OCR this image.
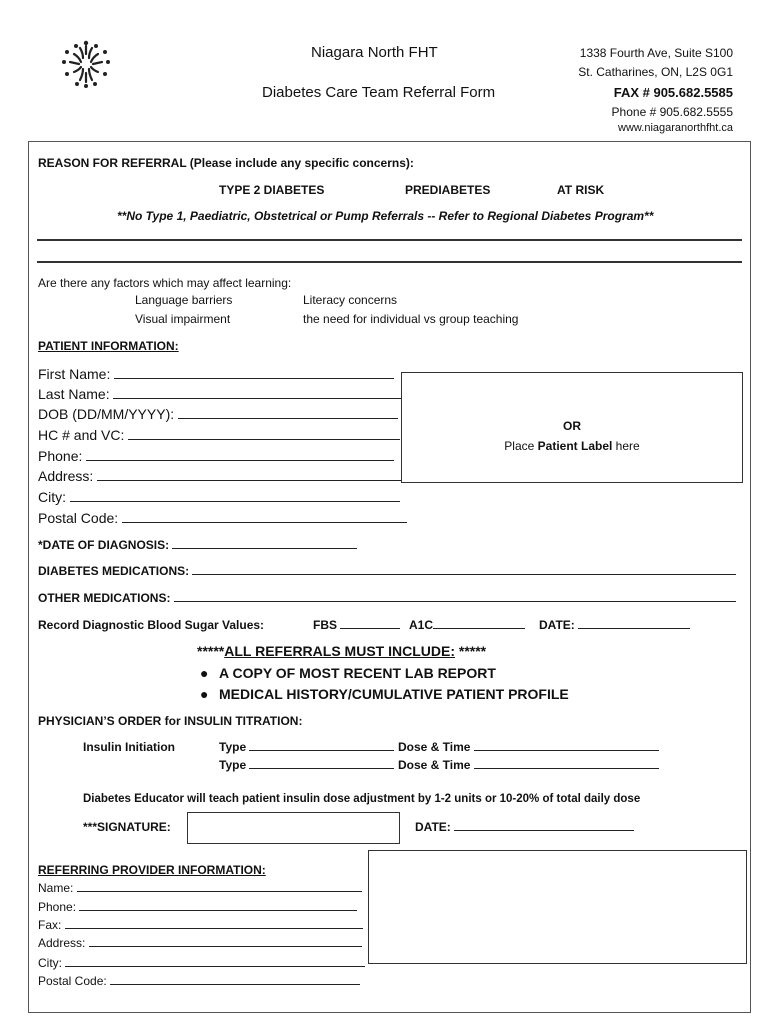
Niagara North FHT
Diabetes Care Team Referral Form
1338 Fourth Ave, Suite S100
St. Catharines, ON, L2S 0G1
FAX # 905.682.5585
Phone # 905.682.5555
www.niagaranorthfht.ca
REASON FOR REFERRAL (Please include any specific concerns):
TYPE 2 DIABETES	PREDIABETES	AT RISK
**No Type 1, Paediatric, Obstetrical or Pump Referrals -- Refer to Regional Diabetes Program**
Are there any factors which may affect learning:
Language barriers	Literacy concerns
Visual impairment	the need for individual vs group teaching
PATIENT INFORMATION:
First Name:
Last Name:
DOB (DD/MM/YYYY):
HC # and VC:
Phone:
Address:
City:
Postal Code:
OR
Place Patient Label here
*DATE OF DIAGNOSIS:
DIABETES MEDICATIONS:
OTHER MEDICATIONS:
Record Diagnostic Blood Sugar Values:	FBS	A1C	DATE:
*****ALL REFERRALS MUST INCLUDE: *****
● A COPY OF MOST RECENT LAB REPORT
● MEDICAL HISTORY/CUMULATIVE PATIENT PROFILE
PHYSICIAN’S ORDER for INSULIN TITRATION:
Insulin Initiation	Type	Dose & Time
Type	Dose & Time
Diabetes Educator will teach patient insulin dose adjustment by 1-2 units or 10-20% of total daily dose
***SIGNATURE:	DATE:
REFERRING PROVIDER INFORMATION:
Name:
Phone:
Fax:
Address:
City:
Postal Code:
